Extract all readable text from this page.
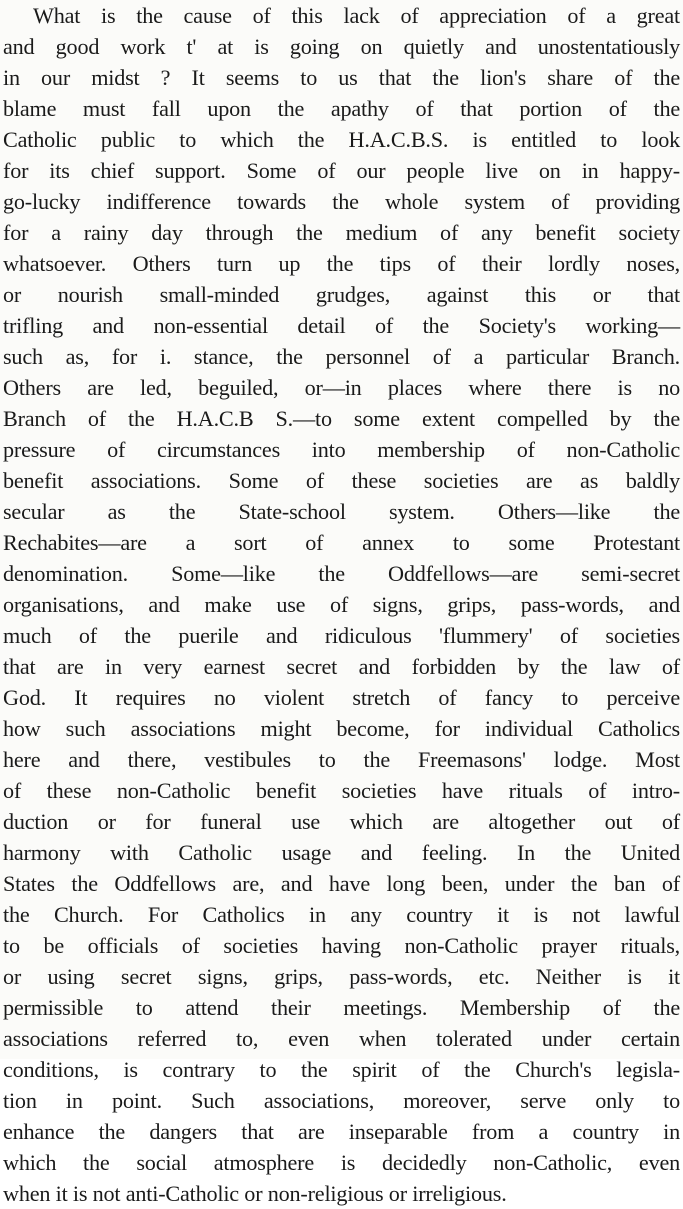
What is the cause of this lack of appreciation of a great
and good work t' at is going on quietly and unostentatiously
in our midst ? It seems to us that the lion's share of the
blame must fall upon the apathy of that portion of the
Catholic public to which the H.A.C.B.S. is entitled to look
for its chief support. Some of our people live on in happy-
go-lucky indifference towards the whole system of providing
for a rainy day through the medium of any benefit society
whatsoever. Others turn up the tips of their lordly noses,
or nourish small-minded grudges, against this or that
trifling and non-essential detail of the Society's working—
such as, for i. stance, the personnel of a particular Branch.
Others are led, beguiled, or—in places where there is no
Branch of the H.A.C.B S.—to some extent compelled by the
pressure of circumstances into membership of non-Catholic
benefit associations. Some of these societies are as baldly
secular as the State-school system. Others—like the
Rechabites—are a sort of annex to some Protestant
denomination. Some—like the Oddfellows—are semi-secret
organisations, and make use of signs, grips, pass-words, and
much of the puerile and ridiculous 'flummery' of societies
that are in very earnest secret and forbidden by the law of
God. It requires no violent stretch of fancy to perceive
how such associations might become, for individual Catholics
here and there, vestibules to the Freemasons' lodge. Most
of these non-Catholic benefit societies have rituals of intro-
duction or for funeral use which are altogether out of
harmony with Catholic usage and feeling. In the United
States the Oddfellows are, and have long been, under the ban of
the Church. For Catholics in any country it is not lawful
to be officials of societies having non-Catholic prayer rituals,
or using secret signs, grips, pass-words, etc. Neither is it
permissible to attend their meetings. Membership of the
associations referred to, even when tolerated under certain
conditions, is contrary to the spirit of the Church's legisla-
tion in point. Such associations, moreover, serve only to
enhance the dangers that are inseparable from a country in
which the social atmosphere is decidedly non-Catholic, even
when it is not anti-Catholic or non-religious or irreligious.
